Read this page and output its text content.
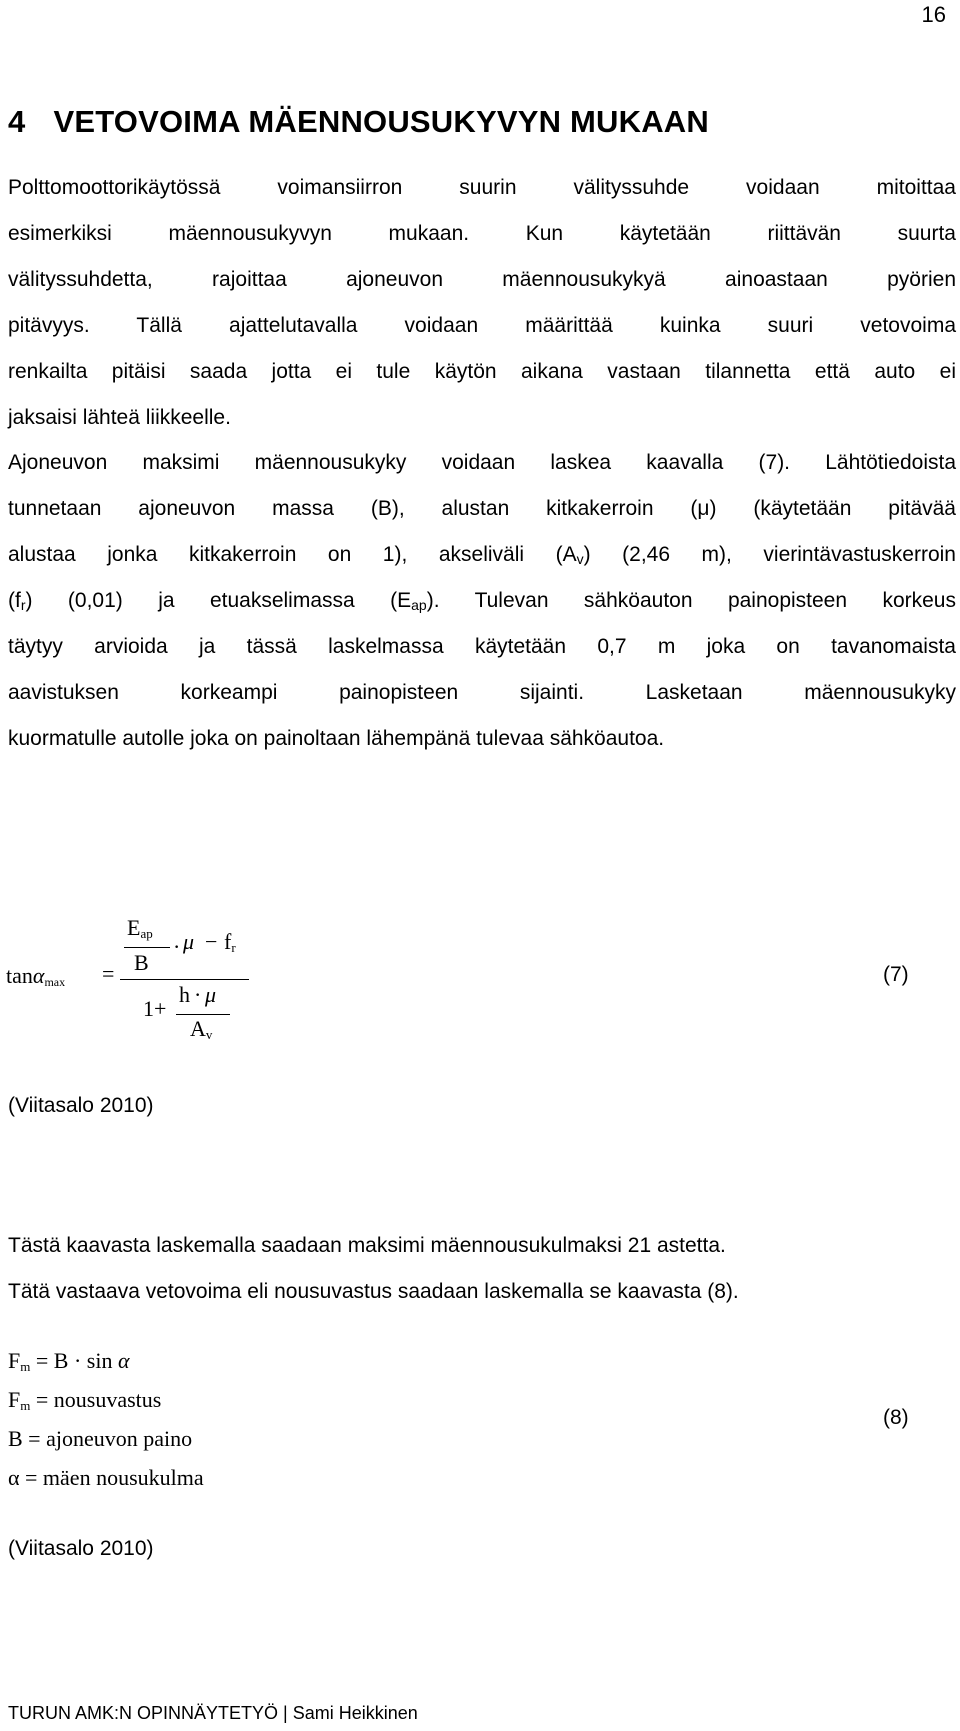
16
4 VETOVOIMA MÄENNOUSUKYVYN MUKAAN
Polttomoottorikäytössä voimansiirron suurin välityssuhde voidaan mitoittaa
esimerkiksi mäennousukyvyn mukaan. Kun käytetään riittävän suurta
välityssuhdetta, rajoittaa ajoneuvon mäennousukykyä ainoastaan pyörien
pitävyys. Tällä ajattelutavalla voidaan määrittää kuinka suuri vetovoima
renkailta pitäisi saada jotta ei tule käytön aikana vastaan tilannetta että auto ei
jaksaisi lähteä liikkeelle.
Ajoneuvon maksimi mäennousukyky voidaan laskea kaavalla (7). Lähtötiedoista
tunnetaan ajoneuvon massa (B), alustan kitkakerroin (μ) (käytetään pitävää
alustaa jonka kitkakerroin on 1), akseliväli $(A_v)$ (2,46 m), vierintävastuskerroin
$(f_r)$ (0,01) ja etuakselimassa $(E_{ap})$. Tulevan sähköauton painopisteen korkeus
täytyy arvioida ja tässä laskelmassa käytetään 0,7 m joka on tavanomaista
aavistuksen korkeampi painopisteen sijainti. Lasketaan mäennousukyky
kuormatulle autolle joka on painoltaan lähempänä tulevaa sähköautoa.
tanα$_{max}$ =
$E_{ap}$
B
· $\mu - f_r$
h · μ
1+
$A_v$
(7)
(Viitasalo 2010)
Tästä kaavasta laskemalla saadaan maksimi mäennousukulmaksi 21 astetta.
Tätä vastaava vetovoima eli nousuvastus saadaan laskemalla se kaavasta (8).
$F_m = B \cdot \sin \alpha$
$F_m$ = nousuvastus
B = ajoneuvon paino
α = mäen nousukulma
(8)
(Viitasalo 2010)
TURUN AMK:N OPINNÄYTETYÖ | Sami Heikkinen
